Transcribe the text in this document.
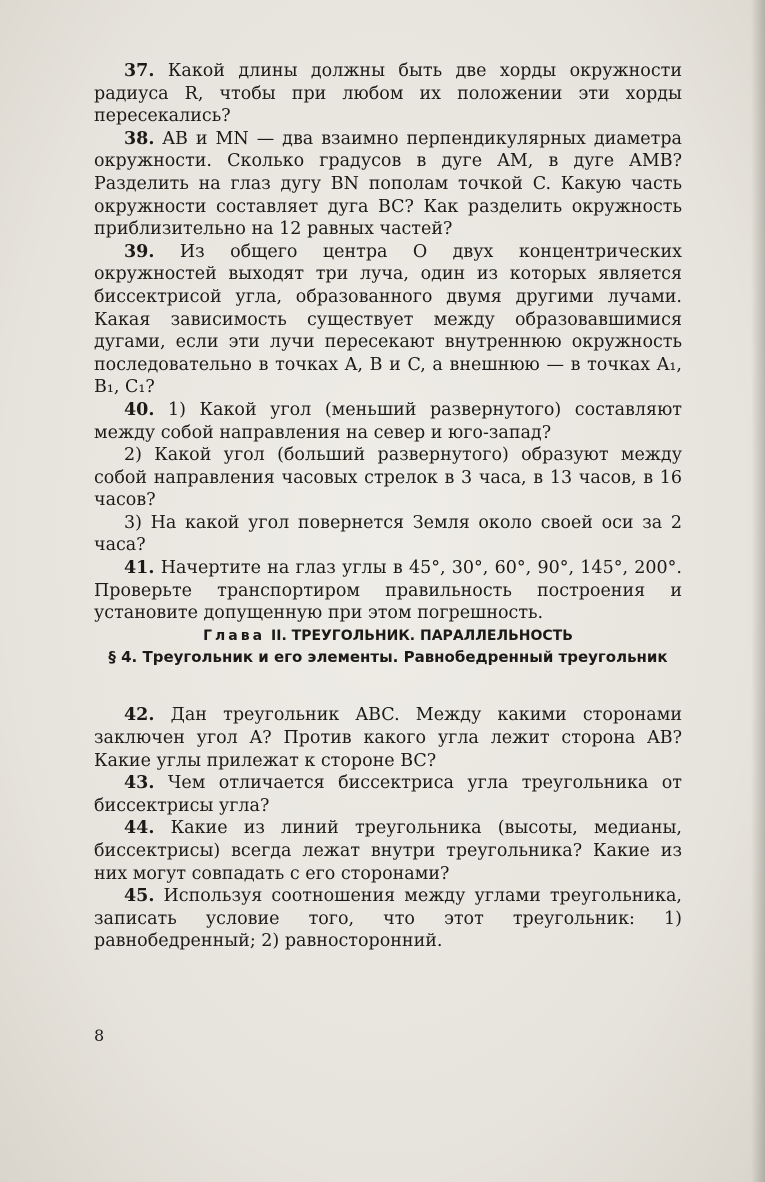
37. Какой длины должны быть две хорды окружности радиуса R, чтобы при любом их положении эти хорды пересекались?

38. AB и MN — два взаимно перпендикулярных диаметра окружности. Сколько градусов в дуге AM, в дуге AMB? Разделить на глаз дугу BN пополам точкой C. Какую часть окружности составляет дуга BC? Как разделить окружность приблизительно на 12 равных частей?

39. Из общего центра O двух концентрических окружностей выходят три луча, один из которых является биссектрисой угла, образованного двумя другими лучами. Какая зависимость существует между образовавшимися дугами, если эти лучи пересекают внутреннюю окружность последовательно в точках A, B и C, а внешнюю — в точках A₁, B₁, C₁?

40. 1) Какой угол (меньший развернутого) составляют между собой направления на север и юго-запад?

2) Какой угол (больший развернутого) образуют между собой направления часовых стрелок в 3 часа, в 13 часов, в 16 часов?

3) На какой угол повернется Земля около своей оси за 2 часа?

41. Начертите на глаз углы в 45°, 30°, 60°, 90°, 145°, 200°. Проверьте транспортиром правильность построения и установите допущенную при этом погрешность.

Глава II. ТРЕУГОЛЬНИК. ПАРАЛЛЕЛЬНОСТЬ

§ 4. Треугольник и его элементы. Равнобедренный треугольник

42. Дан треугольник ABC. Между какими сторонами заключен угол A? Против какого угла лежит сторона AB? Какие углы прилежат к стороне BC?

43. Чем отличается биссектриса угла треугольника от биссектрисы угла?

44. Какие из линий треугольника (высоты, медианы, биссектрисы) всегда лежат внутри треугольника? Какие из них могут совпадать с его сторонами?

45. Используя соотношения между углами треугольника, записать условие того, что этот треугольник: 1) равнобедренный; 2) равносторонний.

8
